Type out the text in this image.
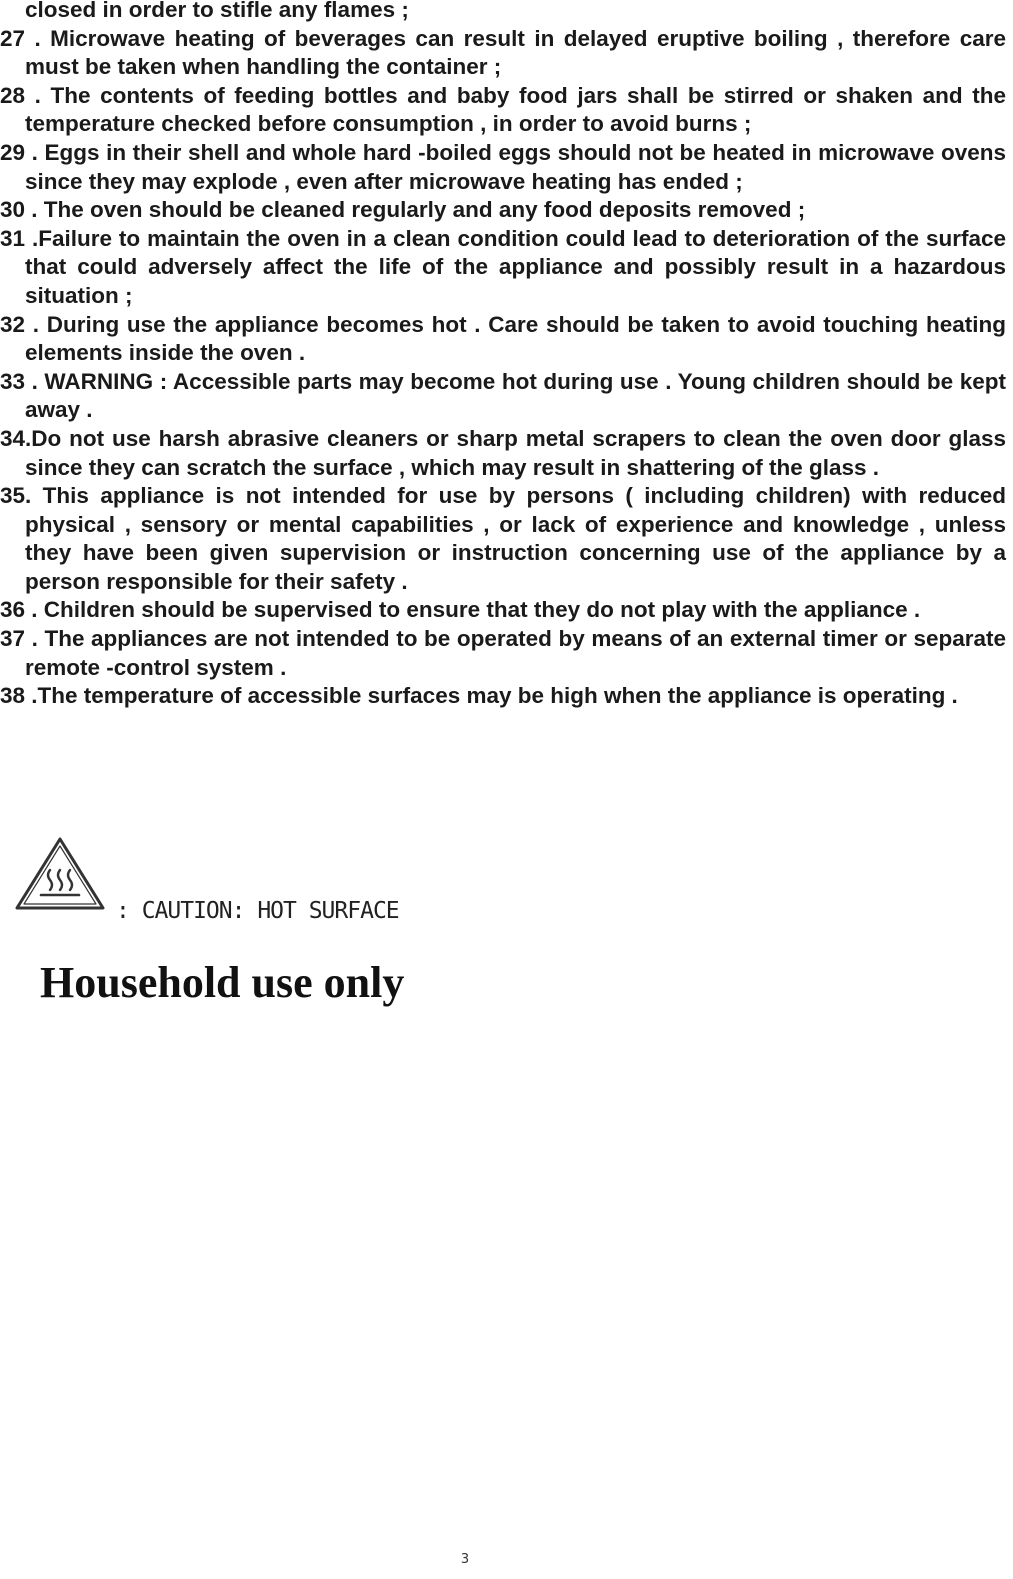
closed in order to stifle any flames ;

27 . Microwave heating of beverages can result in delayed eruptive boiling , therefore care must be taken when handling the container ;

28 . The contents of feeding bottles and baby food jars shall be stirred or shaken and the temperature checked before consumption , in order to avoid burns ;

29 . Eggs in their shell and whole hard -boiled eggs should not be heated in microwave ovens since they may explode , even after microwave heating has ended ;

30 . The oven should be cleaned regularly and any food deposits removed ;

31 .Failure to maintain the oven in a clean condition could lead to deterioration of the surface that could adversely affect the life of the appliance and possibly result in a hazardous situation ;

32 . During use the appliance becomes hot . Care should be taken to avoid touching heating elements inside the oven .

33 . WARNING : Accessible parts may become hot during use . Young children should be kept away .

34.Do not use harsh abrasive cleaners or sharp metal scrapers to clean the oven door glass since they can scratch the surface , which may result in shattering of the glass .

35. This appliance is not intended for use by persons ( including children) with reduced physical , sensory or mental capabilities , or lack of experience and knowledge , unless they have been given supervision or instruction concerning use of the appliance by a person responsible for their safety .

36 . Children should be supervised to ensure that they do not play with the appliance .

37 . The appliances are not intended to be operated by means of an external timer or separate remote -control system .

38 .The temperature of accessible surfaces may be high when the appliance is operating .

: CAUTION: HOT SURFACE
Household use only
3
